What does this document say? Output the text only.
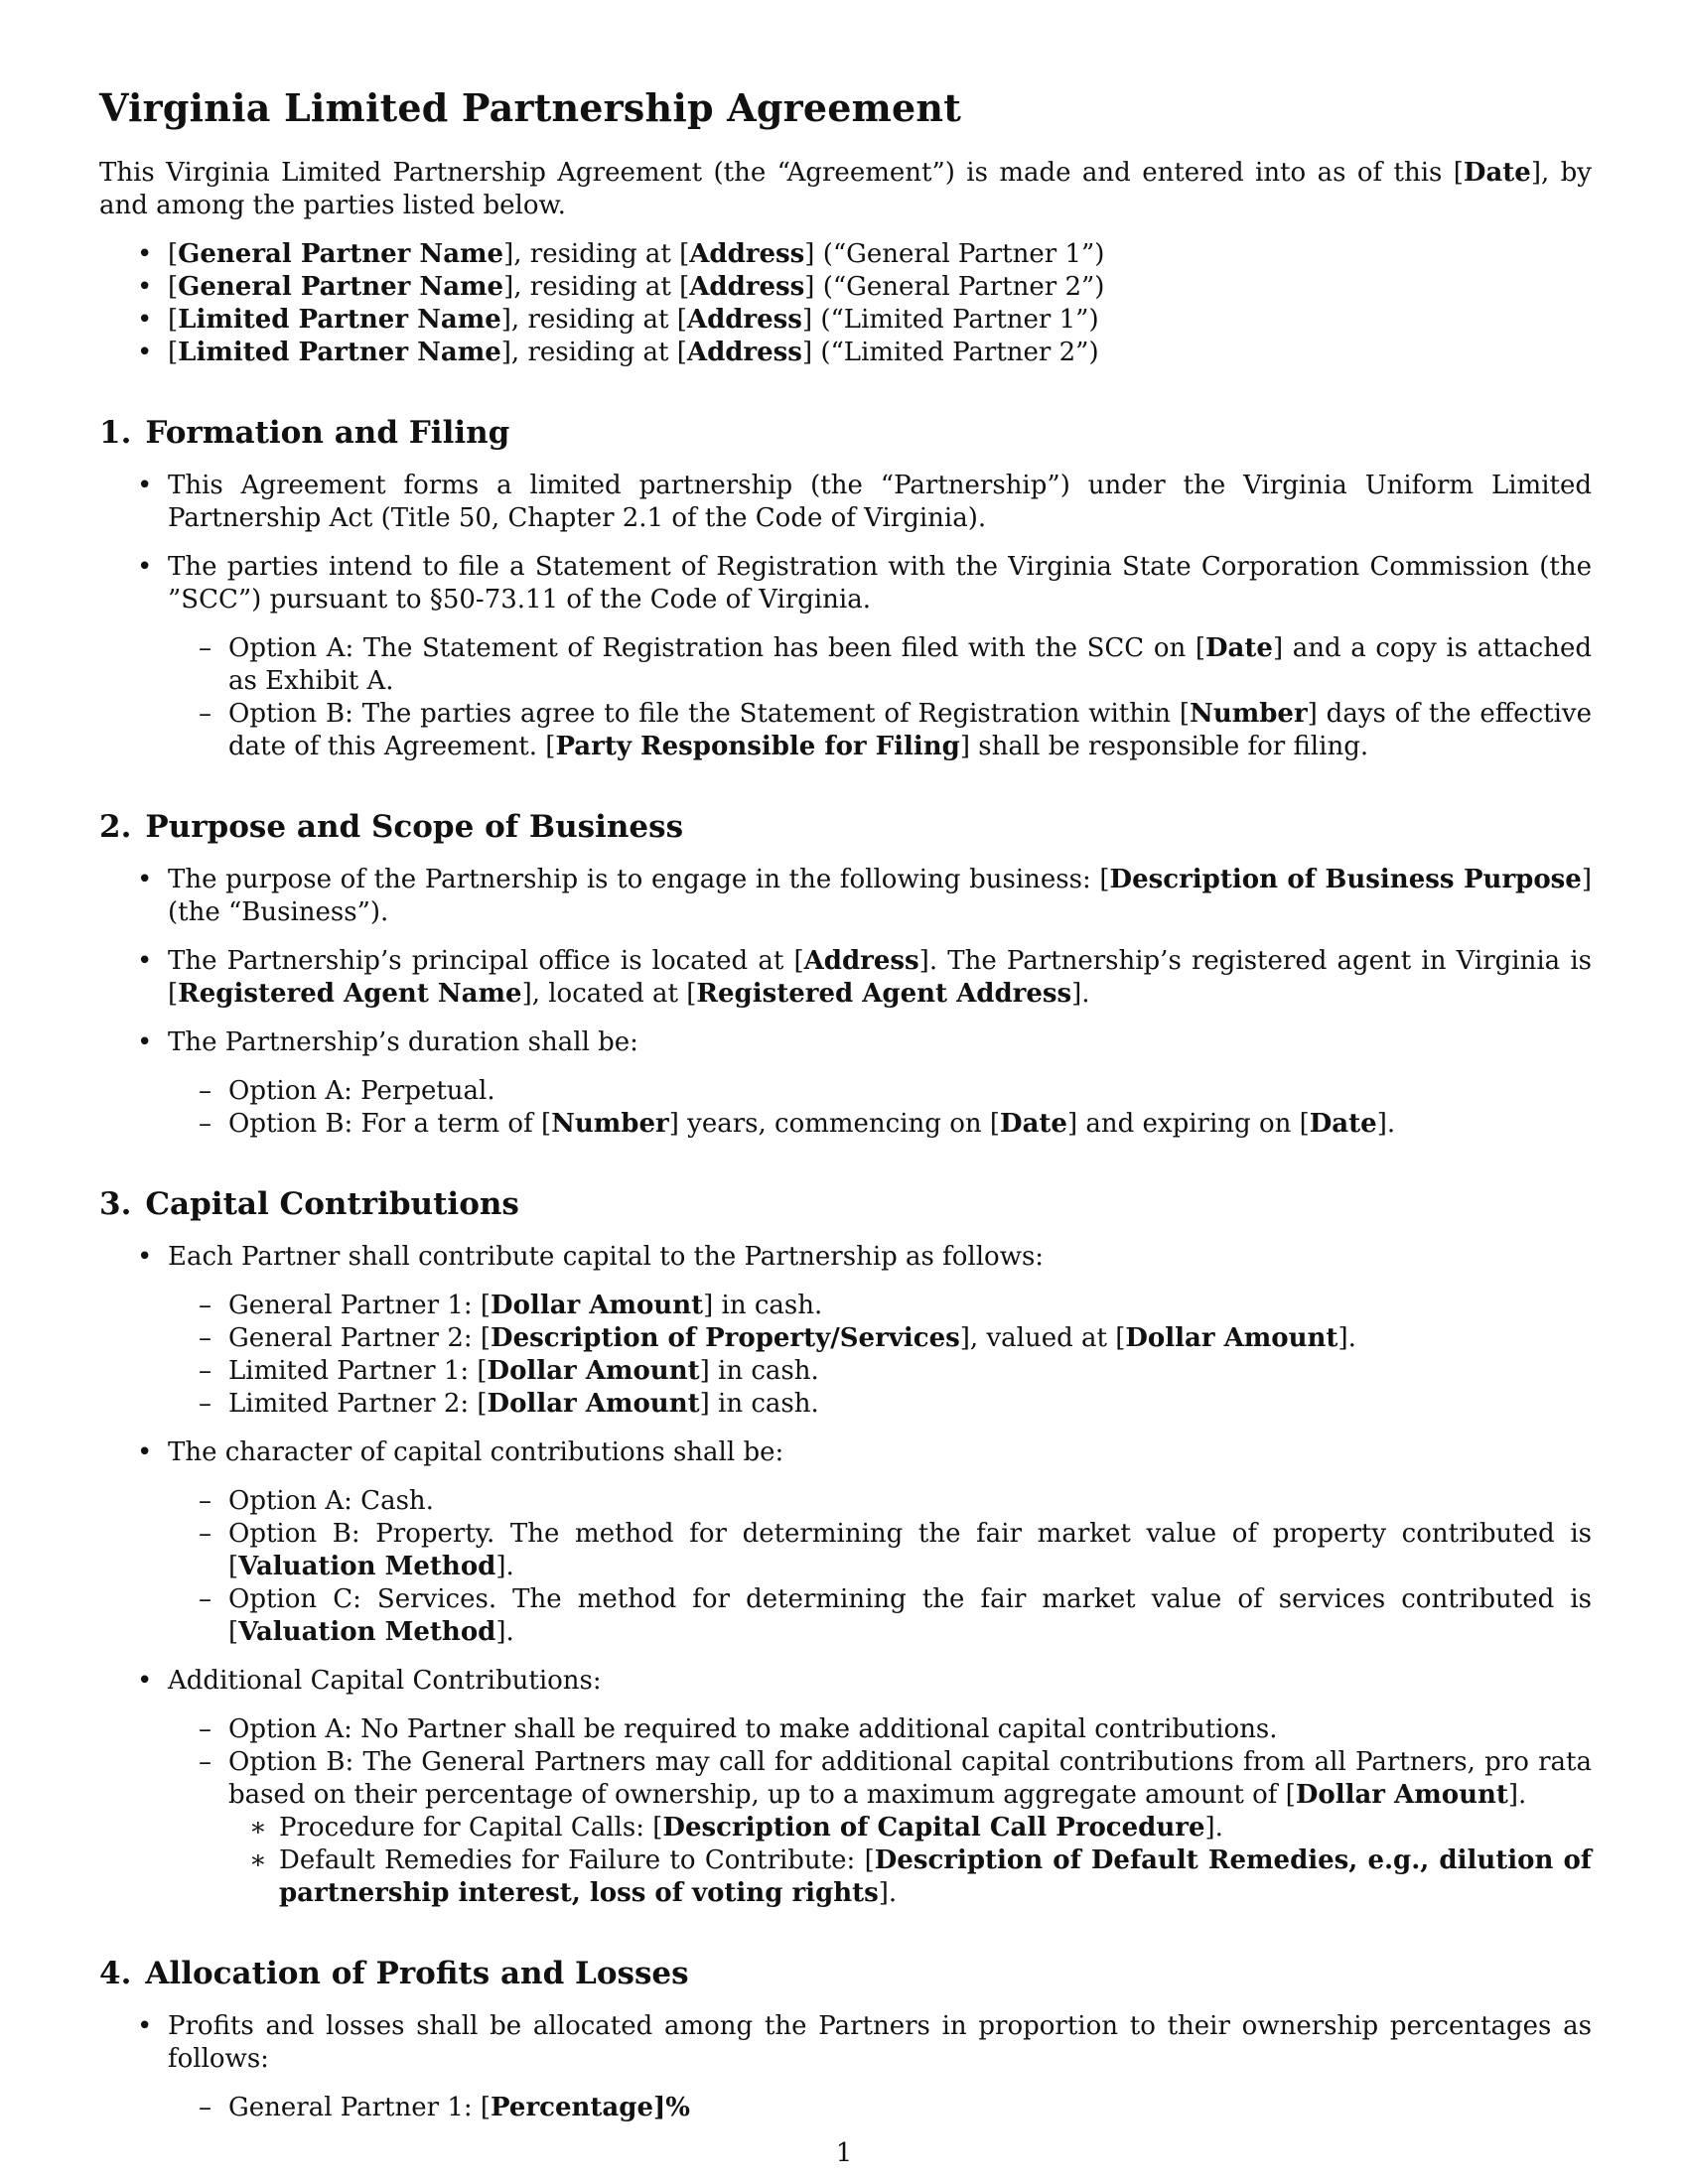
Virginia Limited Partnership Agreement

This Virginia Limited Partnership Agreement (the “Agreement”) is made and entered into as of this [Date], by and among the parties listed below.

• [General Partner Name], residing at [Address] (“General Partner 1”)
• [General Partner Name], residing at [Address] (“General Partner 2”)
• [Limited Partner Name], residing at [Address] (“Limited Partner 1”)
• [Limited Partner Name], residing at [Address] (“Limited Partner 2”)
1. Formation and Filing
• This Agreement forms a limited partnership (the “Partnership”) under the Virginia Uniform Limited Partnership Act (Title 50, Chapter 2.1 of the Code of Virginia).
• The parties intend to file a Statement of Registration with the Virginia State Corporation Commission (the ”SCC”) pursuant to §50-73.11 of the Code of Virginia.
– Option A: The Statement of Registration has been filed with the SCC on [Date] and a copy is attached as Exhibit A.
– Option B: The parties agree to file the Statement of Registration within [Number] days of the effective date of this Agreement. [Party Responsible for Filing] shall be responsible for filing.
2. Purpose and Scope of Business
• The purpose of the Partnership is to engage in the following business: [Description of Business Purpose] (the “Business”).
• The Partnership’s principal office is located at [Address]. The Partnership’s registered agent in Virginia is [Registered Agent Name], located at [Registered Agent Address].
• The Partnership’s duration shall be:
– Option A: Perpetual.
– Option B: For a term of [Number] years, commencing on [Date] and expiring on [Date].
3. Capital Contributions
• Each Partner shall contribute capital to the Partnership as follows:
– General Partner 1: [Dollar Amount] in cash.
– General Partner 2: [Description of Property/Services], valued at [Dollar Amount].
– Limited Partner 1: [Dollar Amount] in cash.
– Limited Partner 2: [Dollar Amount] in cash.
• The character of capital contributions shall be:
– Option A: Cash.
– Option B: Property. The method for determining the fair market value of property contributed is [Valuation Method].
– Option C: Services. The method for determining the fair market value of services contributed is [Valuation Method].
• Additional Capital Contributions:
– Option A: No Partner shall be required to make additional capital contributions.
– Option B: The General Partners may call for additional capital contributions from all Partners, pro rata based on their percentage of ownership, up to a maximum aggregate amount of [Dollar Amount].
∗ Procedure for Capital Calls: [Description of Capital Call Procedure].
∗ Default Remedies for Failure to Contribute: [Description of Default Remedies, e.g., dilution of partnership interest, loss of voting rights].
4. Allocation of Profits and Losses
• Profits and losses shall be allocated among the Partners in proportion to their ownership percentages as follows:
– General Partner 1: [Percentage]%
1
